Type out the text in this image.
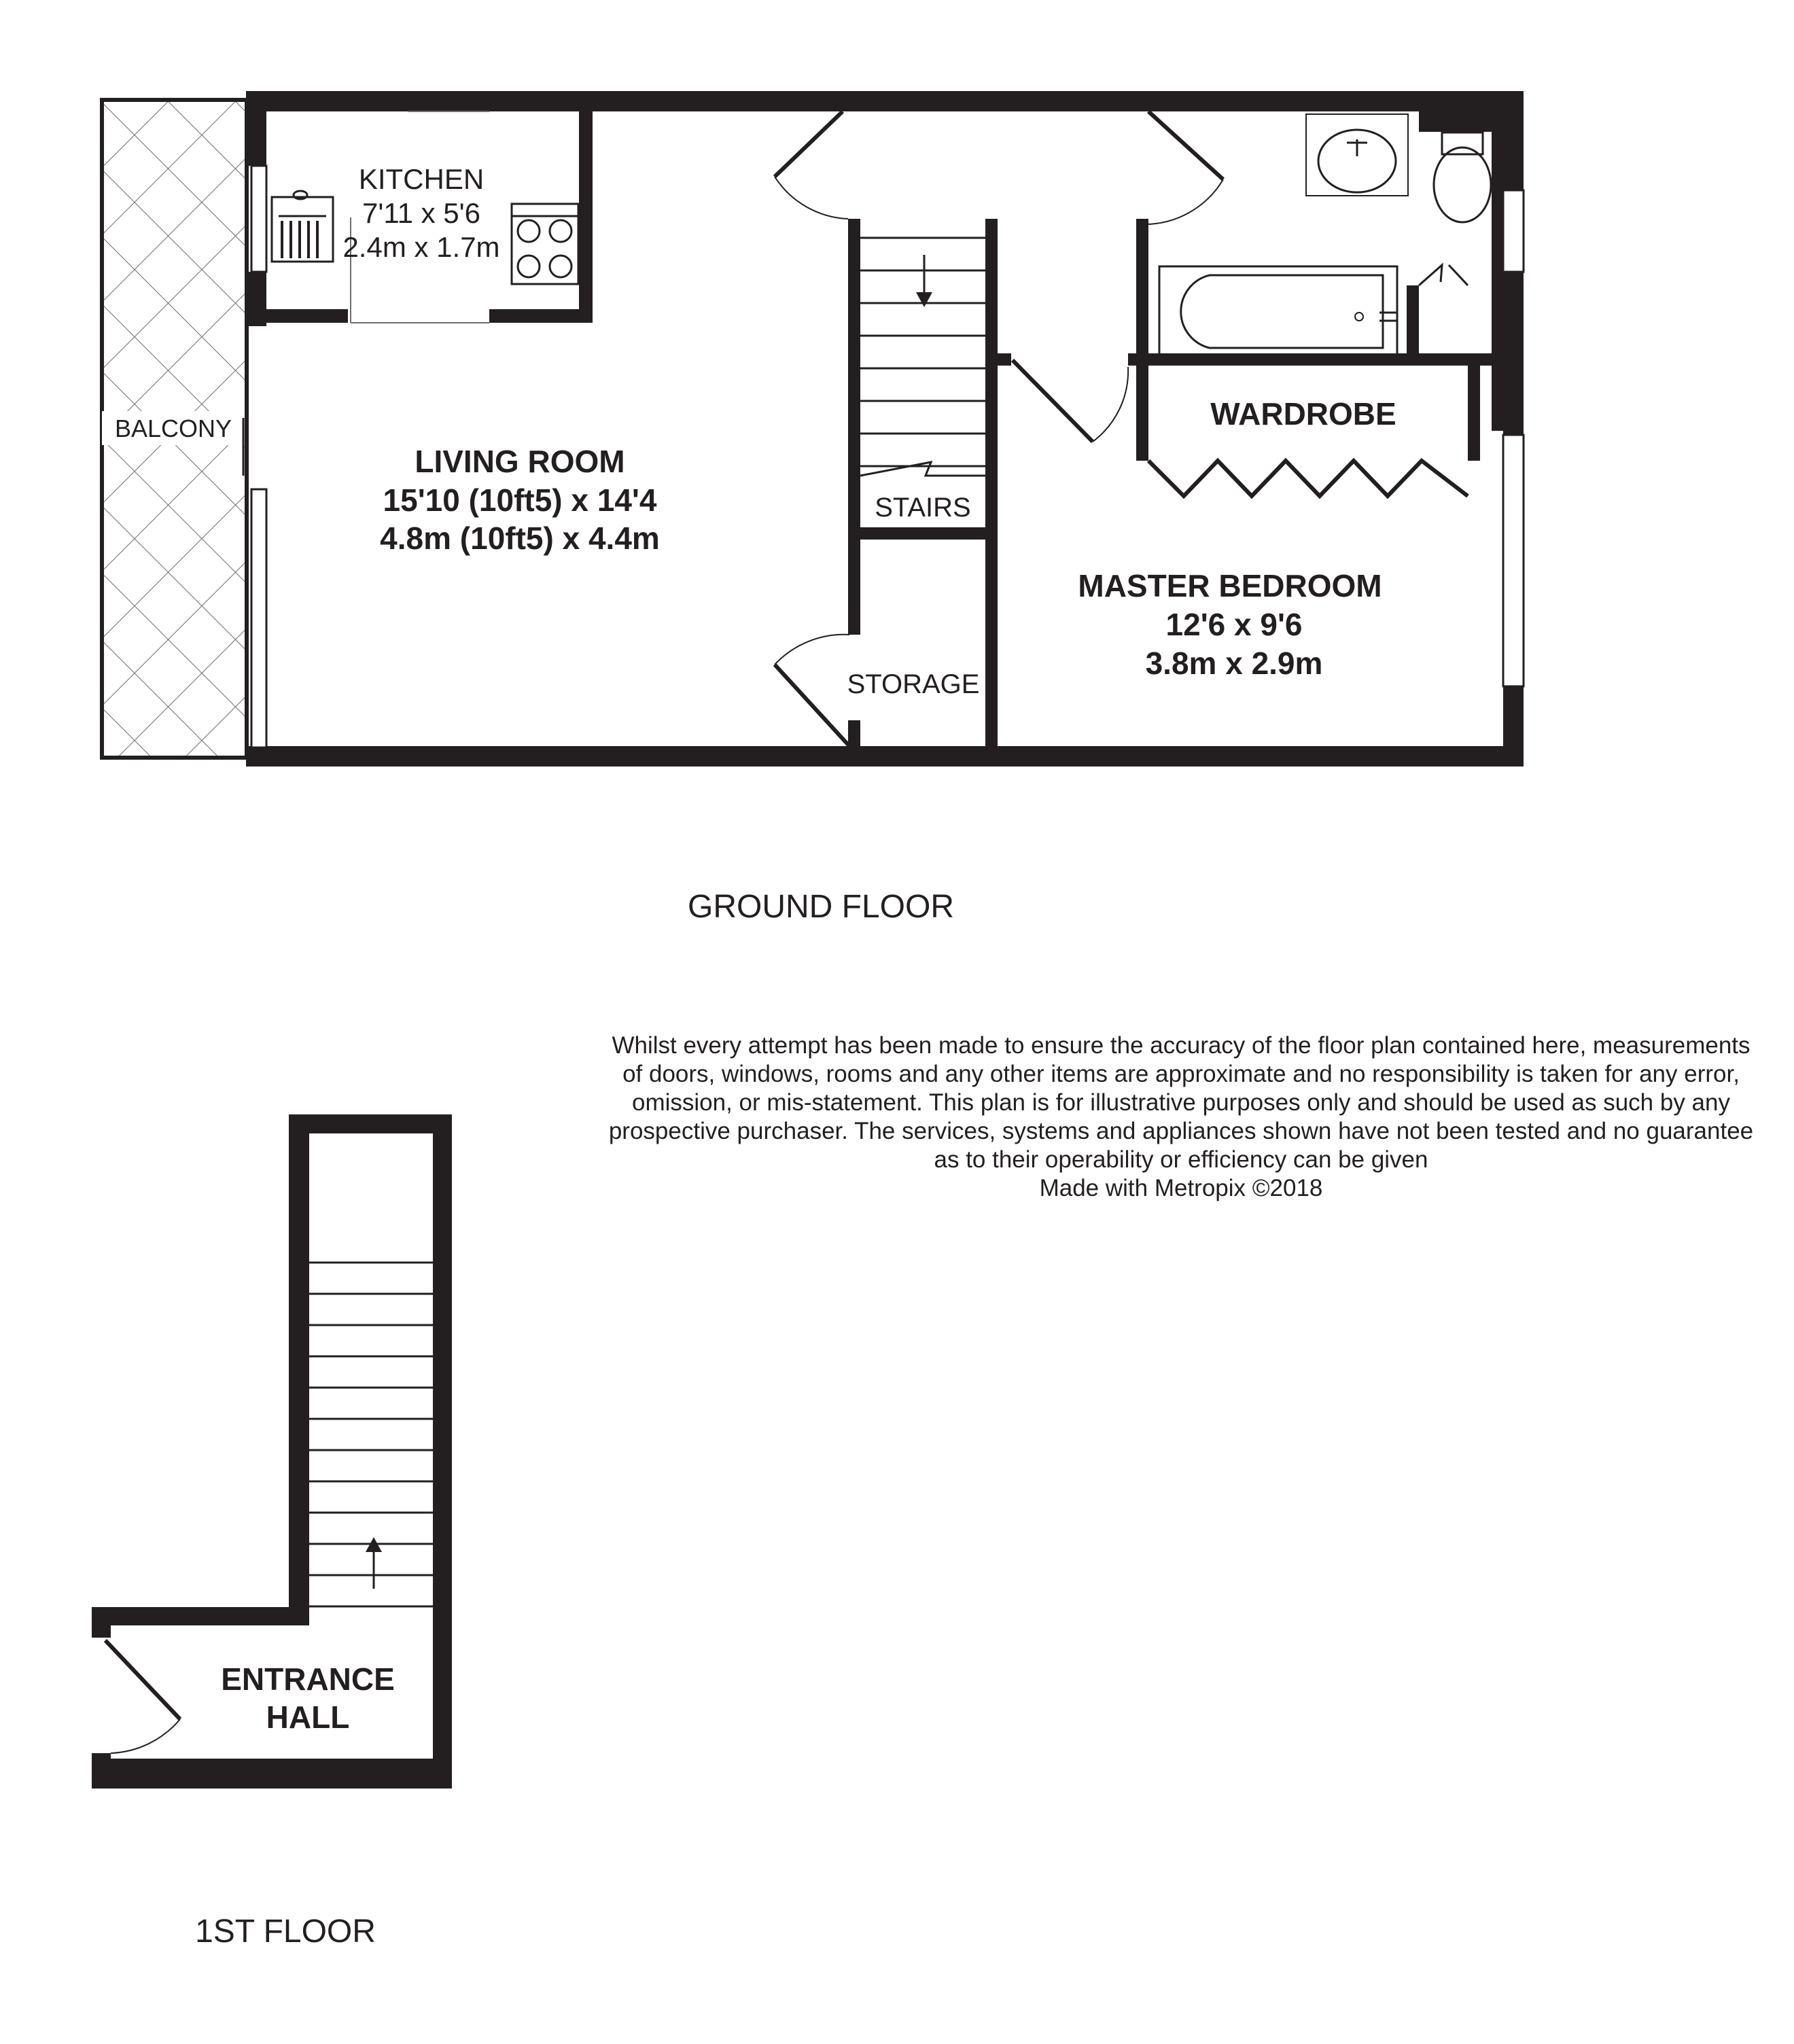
KITCHEN
7'11 x 5'6
2.4m x 1.7m
BALCONY
LIVING ROOM
15'10 (10ft5) x 14'4
4.8m (10ft5) x 4.4m
STAIRS
STORAGE
WARDROBE
MASTER BEDROOM
12'6 x 9'6
3.8m x 2.9m
GROUND FLOOR
Whilst every attempt has been made to ensure the accuracy of the floor plan contained here, measurements
of doors, windows, rooms and any other items are approximate and no responsibility is taken for any error,
omission, or mis-statement. This plan is for illustrative purposes only and should be used as such by any
prospective purchaser. The services, systems and appliances shown have not been tested and no guarantee
as to their operability or efficiency can be given
Made with Metropix ©2018
ENTRANCE
HALL
1ST FLOOR
